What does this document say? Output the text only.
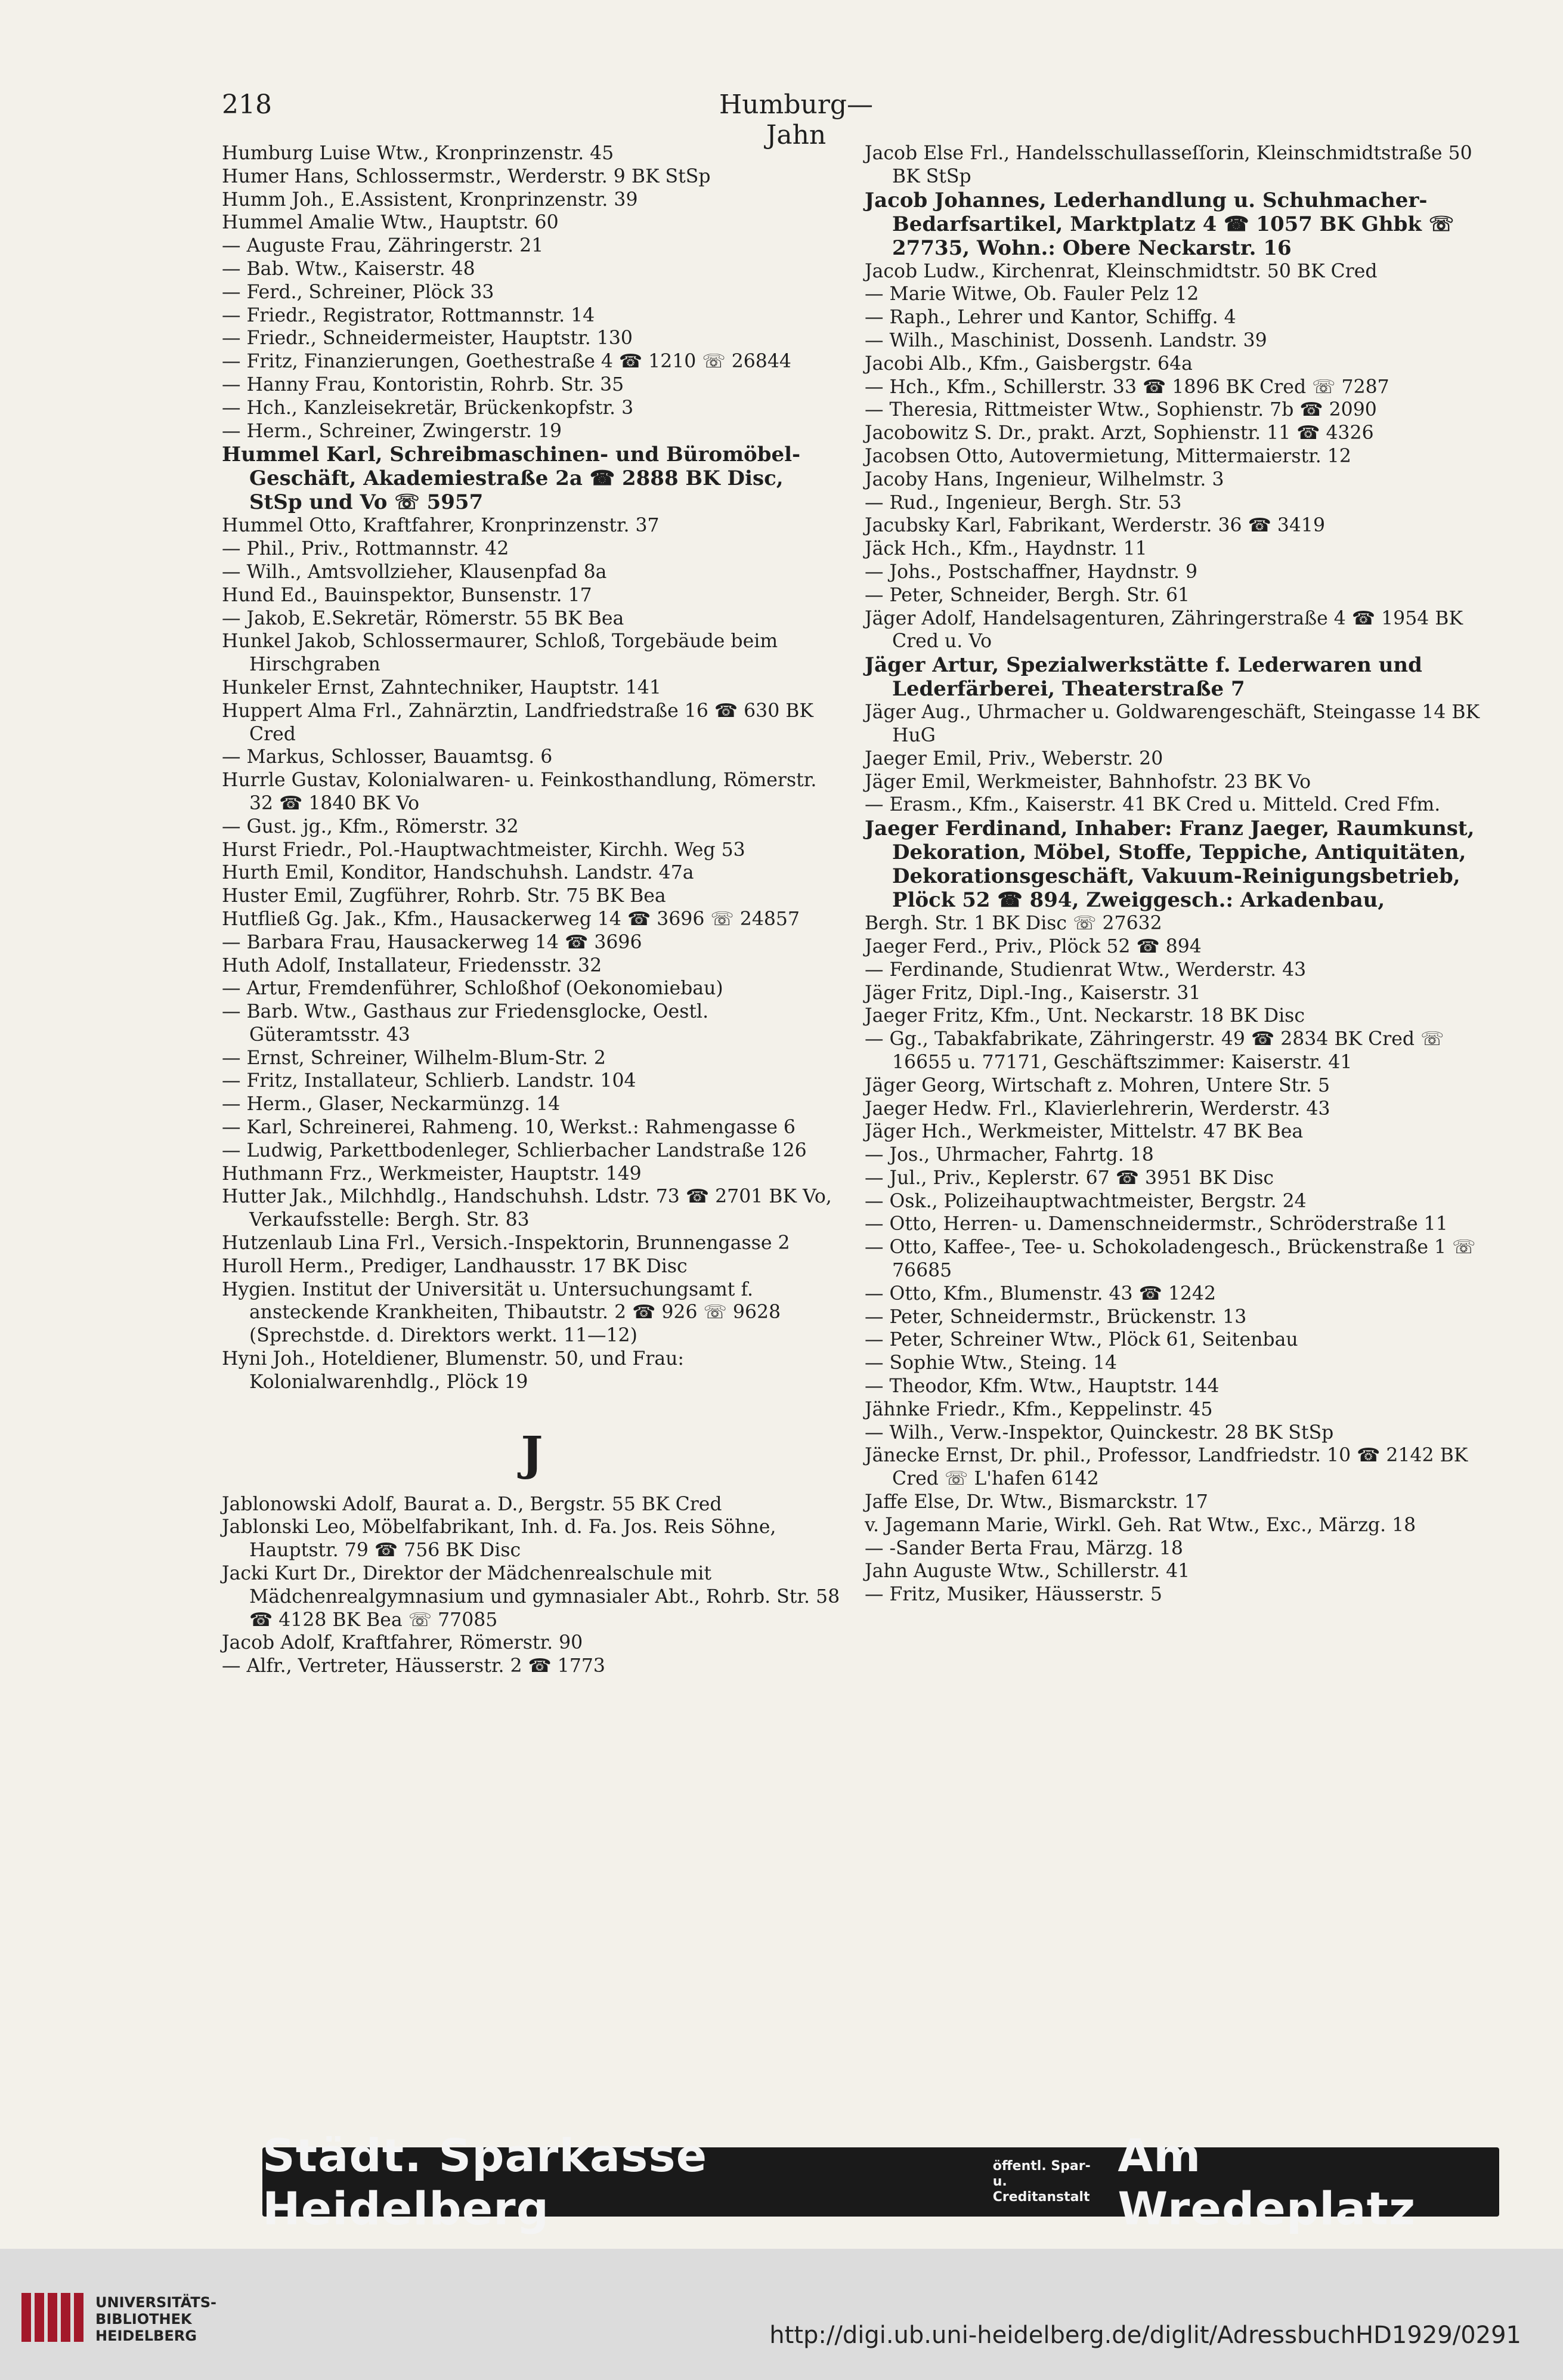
218	Humburg—Jahn
Humburg Luise Wtw., Kronprinzenstr. 45
Humer Hans, Schlossermstr., Werderstr. 9 BK StSp
Humm Joh., E.Assistent, Kronprinzenstr. 39
Hummel Amalie Wtw., Hauptstr. 60
— Auguste Frau, Zähringerstr. 21
— Bab. Wtw., Kaiserstr. 48
— Ferd., Schreiner, Plöck 33
— Friedr., Registrator, Rottmannstr. 14
— Friedr., Schneidermeister, Hauptstr. 130
— Fritz, Finanzierungen, Goethestraße 4 ☎ 1210 ☏ 26844
— Hanny Frau, Kontoristin, Rohrb. Str. 35
— Hch., Kanzleisekretär, Brückenkopfstr. 3
— Herm., Schreiner, Zwingerstr. 19
Hummel Karl, Schreibmaschinen- und Büromöbel-Geschäft, Akademiestraße 2a ☎ 2888 BK Disc, StSp und Vo ☏ 5957
Hummel Otto, Kraftfahrer, Kronprinzenstr. 37
— Phil., Priv., Rottmannstr. 42
— Wilh., Amtsvollzieher, Klausenpfad 8a
Hund Ed., Bauinspektor, Bunsenstr. 17
— Jakob, E.Sekretär, Römerstr. 55 BK Bea
Hunkel Jakob, Schlossermaurer, Schloß, Torgebäude beim Hirschgraben
Hunkeler Ernst, Zahntechniker, Hauptstr. 141
Huppert Alma Frl., Zahnärztin, Landfriedstraße 16 ☎ 630 BK Cred
— Markus, Schlosser, Bauamtsg. 6
Hurrle Gustav, Kolonialwaren- u. Feinkosthandlung, Römerstr. 32 ☎ 1840 BK Vo
— Gust. jg., Kfm., Römerstr. 32
Hurst Friedr., Pol.-Hauptwachtmeister, Kirchh. Weg 53
Hurth Emil, Konditor, Handschuhsh. Landstr. 47a
Huster Emil, Zugführer, Rohrb. Str. 75 BK Bea
Hutfließ Gg. Jak., Kfm., Hausackerweg 14 ☎ 3696 ☏ 24857
— Barbara Frau, Hausackerweg 14 ☎ 3696
Huth Adolf, Installateur, Friedensstr. 32
— Artur, Fremdenführer, Schloßhof (Oekonomiebau)
— Barb. Wtw., Gasthaus zur Friedensglocke, Oestl. Güteramtsstr. 43
— Ernst, Schreiner, Wilhelm-Blum-Str. 2
— Fritz, Installateur, Schlierb. Landstr. 104
— Herm., Glaser, Neckarmünzg. 14
— Karl, Schreinerei, Rahmeng. 10, Werkst.: Rahmengasse 6
— Ludwig, Parkettbodenleger, Schlierbacher Landstraße 126
Huthmann Frz., Werkmeister, Hauptstr. 149
Hutter Jak., Milchhdlg., Handschuhsh. Ldstr. 73 ☎ 2701 BK Vo, Verkaufsstelle: Bergh. Str. 83
Hutzenlaub Lina Frl., Versich.-Inspektorin, Brunnengasse 2
Huroll Herm., Prediger, Landhausstr. 17 BK Disc
Hygien. Institut der Universität u. Untersuchungsamt f. ansteckende Krankheiten, Thibautstr. 2 ☎ 926 ☏ 9628 (Sprechstde. d. Direktors werkt. 11—12)
Hyni Joh., Hoteldiener, Blumenstr. 50, und Frau: Kolonialwarenhdlg., Plöck 19
J
Jablonowski Adolf, Baurat a. D., Bergstr. 55 BK Cred
Jablonski Leo, Möbelfabrikant, Inh. d. Fa. Jos. Reis Söhne, Hauptstr. 79 ☎ 756 BK Disc
Jacki Kurt Dr., Direktor der Mädchenrealschule mit Mädchenrealgymnasium und gymnasialer Abt., Rohrb. Str. 58 ☎ 4128 BK Bea ☏ 77085
Jacob Adolf, Kraftfahrer, Römerstr. 90
— Alfr., Vertreter, Häusserstr. 2 ☎ 1773
Jacob Else Frl., Handelsschullasseſſorin, Kleinschmidtstraße 50 BK StSp
Jacob Johannes, Lederhandlung u. Schuhmacher-Bedarfsartikel, Marktplatz 4 ☎ 1057 BK Ghbk ☏ 27735, Wohn.: Obere Neckarstr. 16
Jacob Ludw., Kirchenrat, Kleinschmidtstr. 50 BK Cred
— Marie Witwe, Ob. Fauler Pelz 12
— Raph., Lehrer und Kantor, Schiffg. 4
— Wilh., Maschinist, Dossenh. Landstr. 39
Jacobi Alb., Kfm., Gaisbergstr. 64a
— Hch., Kfm., Schillerstr. 33 ☎ 1896 BK Cred ☏ 7287
— Theresia, Rittmeister Wtw., Sophienstr. 7b ☎ 2090
Jacobowitz S. Dr., prakt. Arzt, Sophienstr. 11 ☎ 4326
Jacobsen Otto, Autovermietung, Mittermaierstr. 12
Jacoby Hans, Ingenieur, Wilhelmstr. 3
— Rud., Ingenieur, Bergh. Str. 53
Jacubsky Karl, Fabrikant, Werderstr. 36 ☎ 3419
Jäck Hch., Kfm., Haydnstr. 11
— Johs., Postschaffner, Haydnstr. 9
— Peter, Schneider, Bergh. Str. 61
Jäger Adolf, Handelsagenturen, Zähringerstraße 4 ☎ 1954 BK Cred u. Vo
Jäger Artur, Spezialwerkstätte f. Lederwaren und Lederfärberei, Theaterstraße 7
Jäger Aug., Uhrmacher u. Goldwarengeschäft, Steingasse 14 BK HuG
Jaeger Emil, Priv., Weberstr. 20
Jäger Emil, Werkmeister, Bahnhofstr. 23 BK Vo
— Erasm., Kfm., Kaiserstr. 41 BK Cred u. Mitteld. Cred Ffm.
Jaeger Ferdinand, Inhaber: Franz Jaeger, Raumkunst, Dekoration, Möbel, Stoffe, Teppiche, Antiquitäten, Dekorationsgeschäft, Vakuum-Reinigungsbetrieb, Plöck 52 ☎ 894, Zweiggesch.: Arkadenbau,
Bergh. Str. 1 BK Disc ☏ 27632
Jaeger Ferd., Priv., Plöck 52 ☎ 894
— Ferdinande, Studienrat Wtw., Werderstr. 43
Jäger Fritz, Dipl.-Ing., Kaiserstr. 31
Jaeger Fritz, Kfm., Unt. Neckarstr. 18 BK Disc
— Gg., Tabakfabrikate, Zähringerstr. 49 ☎ 2834 BK Cred ☏ 16655 u. 77171, Geschäftszimmer: Kaiserstr. 41
Jäger Georg, Wirtschaft z. Mohren, Untere Str. 5
Jaeger Hedw. Frl., Klavierlehrerin, Werderstr. 43
Jäger Hch., Werkmeister, Mittelstr. 47 BK Bea
— Jos., Uhrmacher, Fahrtg. 18
— Jul., Priv., Keplerstr. 67 ☎ 3951 BK Disc
— Osk., Polizeihauptwachtmeister, Bergstr. 24
— Otto, Herren- u. Damenschneidermstr., Schröderstraße 11
— Otto, Kaffee-, Tee- u. Schokoladengesch., Brückenstraße 1 ☏ 76685
— Otto, Kfm., Blumenstr. 43 ☎ 1242
— Peter, Schneidermstr., Brückenstr. 13
— Peter, Schreiner Wtw., Plöck 61, Seitenbau
— Sophie Wtw., Steing. 14
— Theodor, Kfm. Wtw., Hauptstr. 144
Jähnke Friedr., Kfm., Keppelinstr. 45
— Wilh., Verw.-Inspektor, Quinckestr. 28 BK StSp
Jänecke Ernst, Dr. phil., Professor, Landfriedstr. 10 ☎ 2142 BK Cred ☏ L'hafen 6142
Jaffe Else, Dr. Wtw., Bismarckstr. 17
v. Jagemann Marie, Wirkl. Geh. Rat Wtw., Exc., Märzg. 18
— -Sander Berta Frau, Märzg. 18
Jahn Auguste Wtw., Schillerstr. 41
— Fritz, Musiker, Häusserstr. 5
Städt. Sparkasse Heidelberg
öffentl. Spar- u.
Creditanstalt
Am Wredeplatz
UNIVERSITÄTS-
BIBLIOTHEK
HEIDELBERG	http://digi.ub.uni-heidelberg.de/diglit/AdressbuchHD1929/0291
